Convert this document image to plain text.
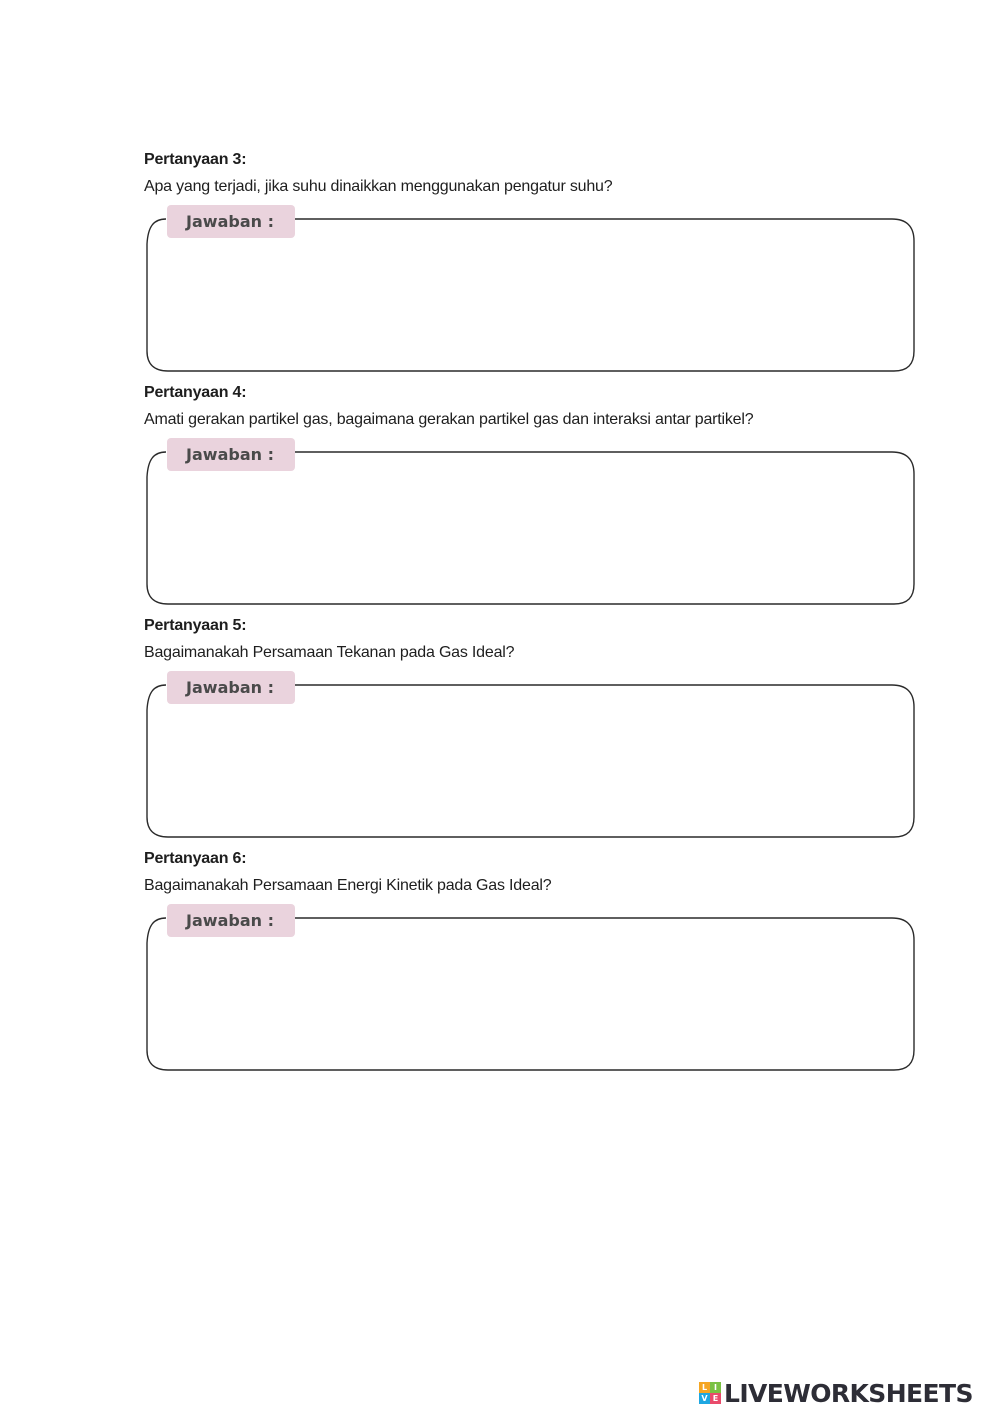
Pertanyaan 3:
Apa yang terjadi, jika suhu dinaikkan menggunakan pengatur suhu?
Jawaban :
Pertanyaan 4:
Amati gerakan partikel gas, bagaimana gerakan partikel gas dan interaksi antar partikel?
Jawaban :
Pertanyaan 5:
Bagaimanakah Persamaan Tekanan pada Gas Ideal?
Jawaban :
Pertanyaan 6:
Bagaimanakah Persamaan Energi Kinetik pada Gas Ideal?
Jawaban :
L I
V E LIVEWORKSHEETS
